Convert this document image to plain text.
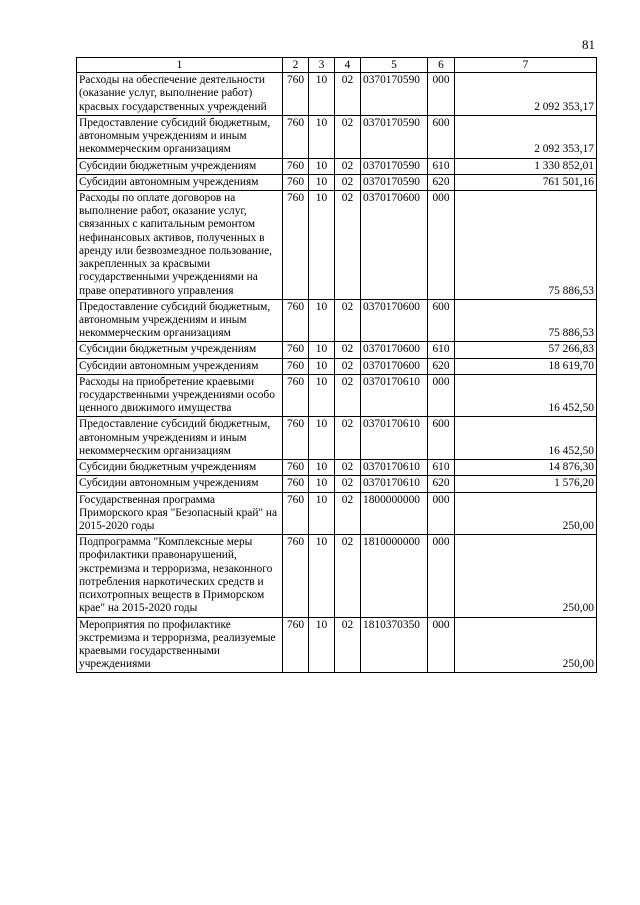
81
1	2	3	4	5	6	7
Расходы на обеспечение деятельности (оказание услуг, выполнение работ) красвых государственных учреждений	760	10	02	0370170590	000	2 092 353,17
Предоставление субсидий бюджетным, автономным учреждениям и иным некоммерческим организациям	760	10	02	0370170590	600	2 092 353,17
Субсидии бюджетным учреждениям	760	10	02	0370170590	610	1 330 852,01
Субсидии автономным учреждениям	760	10	02	0370170590	620	761 501,16
Расходы по оплате договоров на выполнение работ, оказание услуг, связанных с капитальным ремонтом нефинансовых активов, полученных в аренду или безвозмездное пользование, закрепленных за красвыми государственными учреждениями на праве оперативного управления	760	10	02	0370170600	000	75 886,53
Предоставление субсидий бюджетным, автономным учреждениям и иным некоммерческим организациям	760	10	02	0370170600	600	75 886,53
Субсидии бюджетным учреждениям	760	10	02	0370170600	610	57 266,83
Субсидии автономным учреждениям	760	10	02	0370170600	620	18 619,70
Расходы на приобретение краевыми государственными учреждениями особо ценного движимого имущества	760	10	02	0370170610	000	16 452,50
Предоставление субсидий бюджетным, автономным учреждениям и иным некоммерческим организациям	760	10	02	0370170610	600	16 452,50
Субсидии бюджетным учреждениям	760	10	02	0370170610	610	14 876,30
Субсидии автономным учреждениям	760	10	02	0370170610	620	1 576,20
Государственная программа Приморского края "Безопасный край" на 2015-2020 годы	760	10	02	1800000000	000	250,00
Подпрограмма "Комплексные меры профилактики правонарушений, экстремизма и терроризма, незаконного потребления наркотических средств и психотропных веществ в Приморском крае" на 2015-2020 годы	760	10	02	1810000000	000	250,00
Мероприятия по профилактике экстремизма и терроризма, реализуемые краевыми государственными учреждениями	760	10	02	1810370350	000	250,00
